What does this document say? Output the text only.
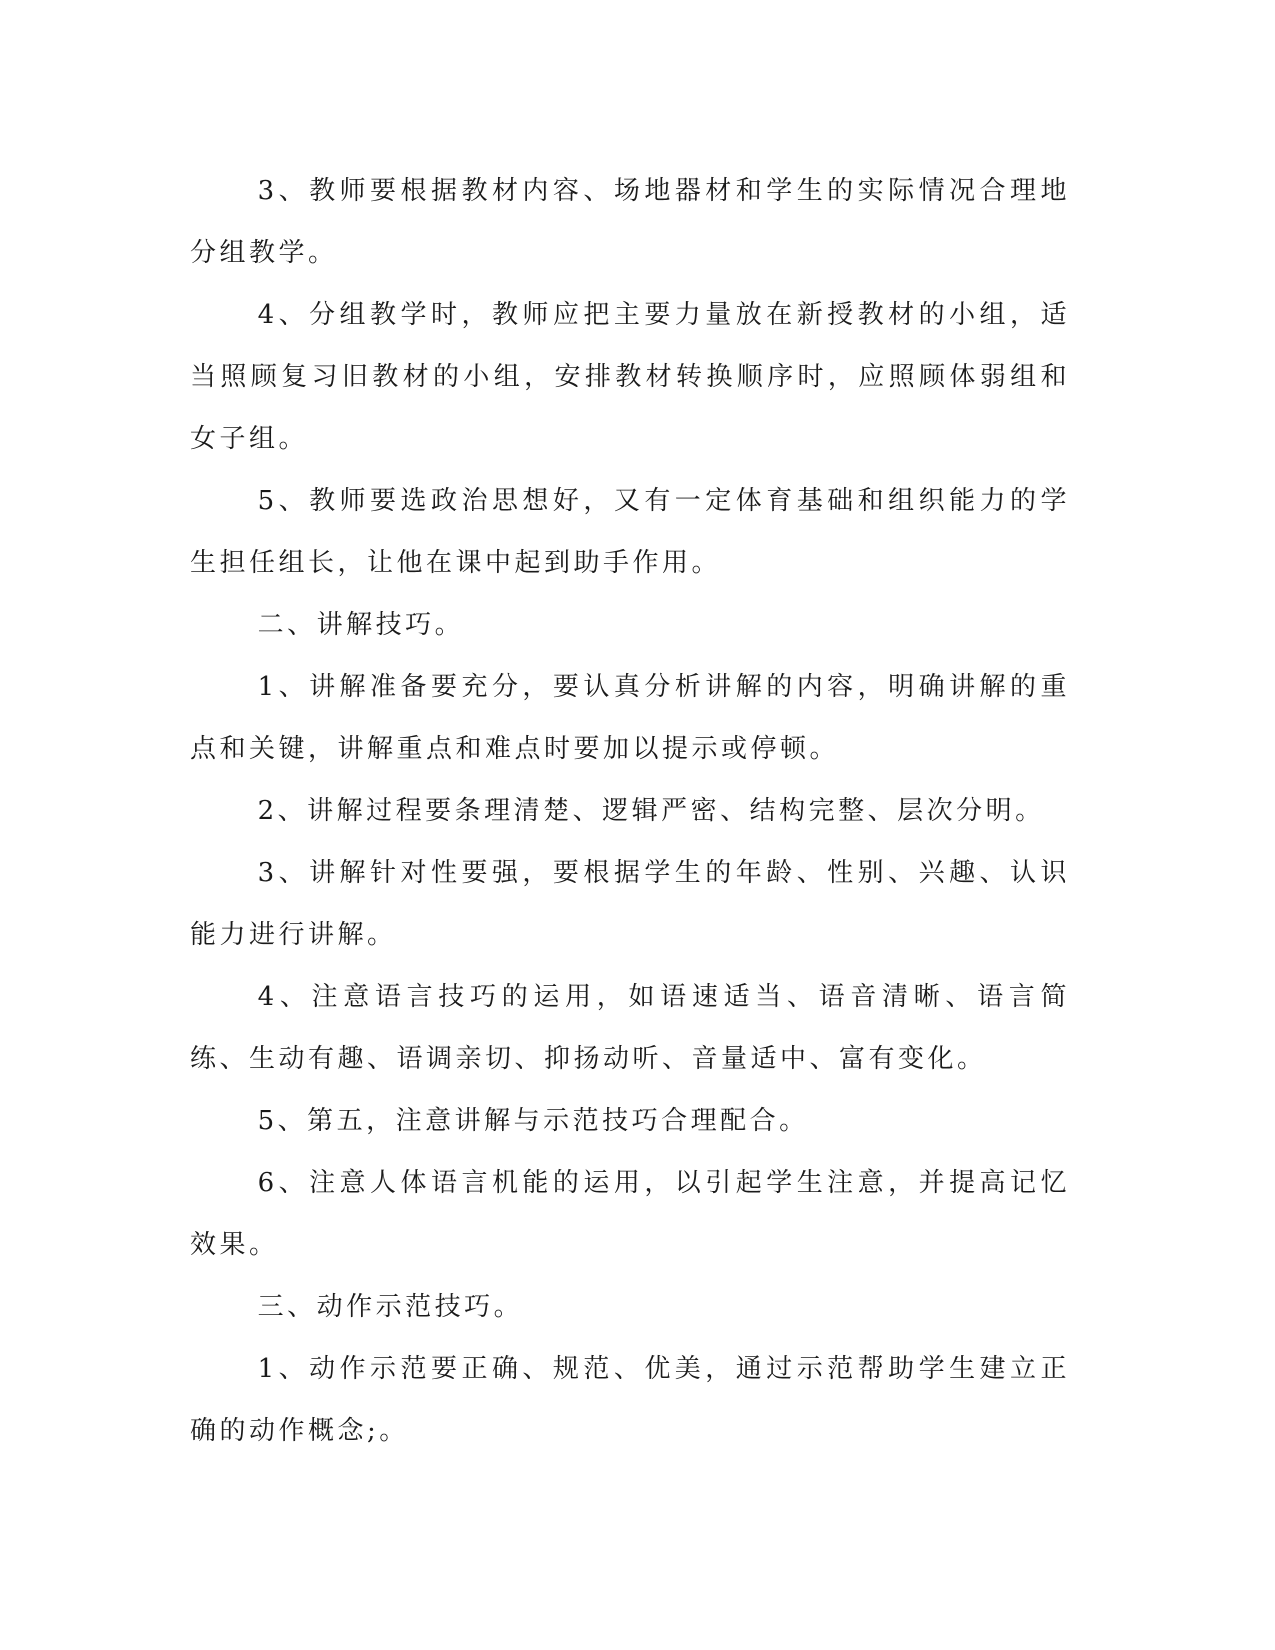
3、教师要根据教材内容、场地器材和学生的实际情况合理地分组教学。

4、分组教学时，教师应把主要力量放在新授教材的小组，适当照顾复习旧教材的小组，安排教材转换顺序时，应照顾体弱组和女子组。

5、教师要选政治思想好，又有一定体育基础和组织能力的学生担任组长，让他在课中起到助手作用。

二、讲解技巧。

1、讲解准备要充分，要认真分析讲解的内容，明确讲解的重点和关键，讲解重点和难点时要加以提示或停顿。

2、讲解过程要条理清楚、逻辑严密、结构完整、层次分明。

3、讲解针对性要强，要根据学生的年龄、性别、兴趣、认识能力进行讲解。

4、注意语言技巧的运用，如语速适当、语音清晰、语言简练、生动有趣、语调亲切、抑扬动听、音量适中、富有变化。

5、第五，注意讲解与示范技巧合理配合。

6、注意人体语言机能的运用，以引起学生注意，并提高记忆效果。

三、动作示范技巧。

1、动作示范要正确、规范、优美，通过示范帮助学生建立正确的动作概念;。
